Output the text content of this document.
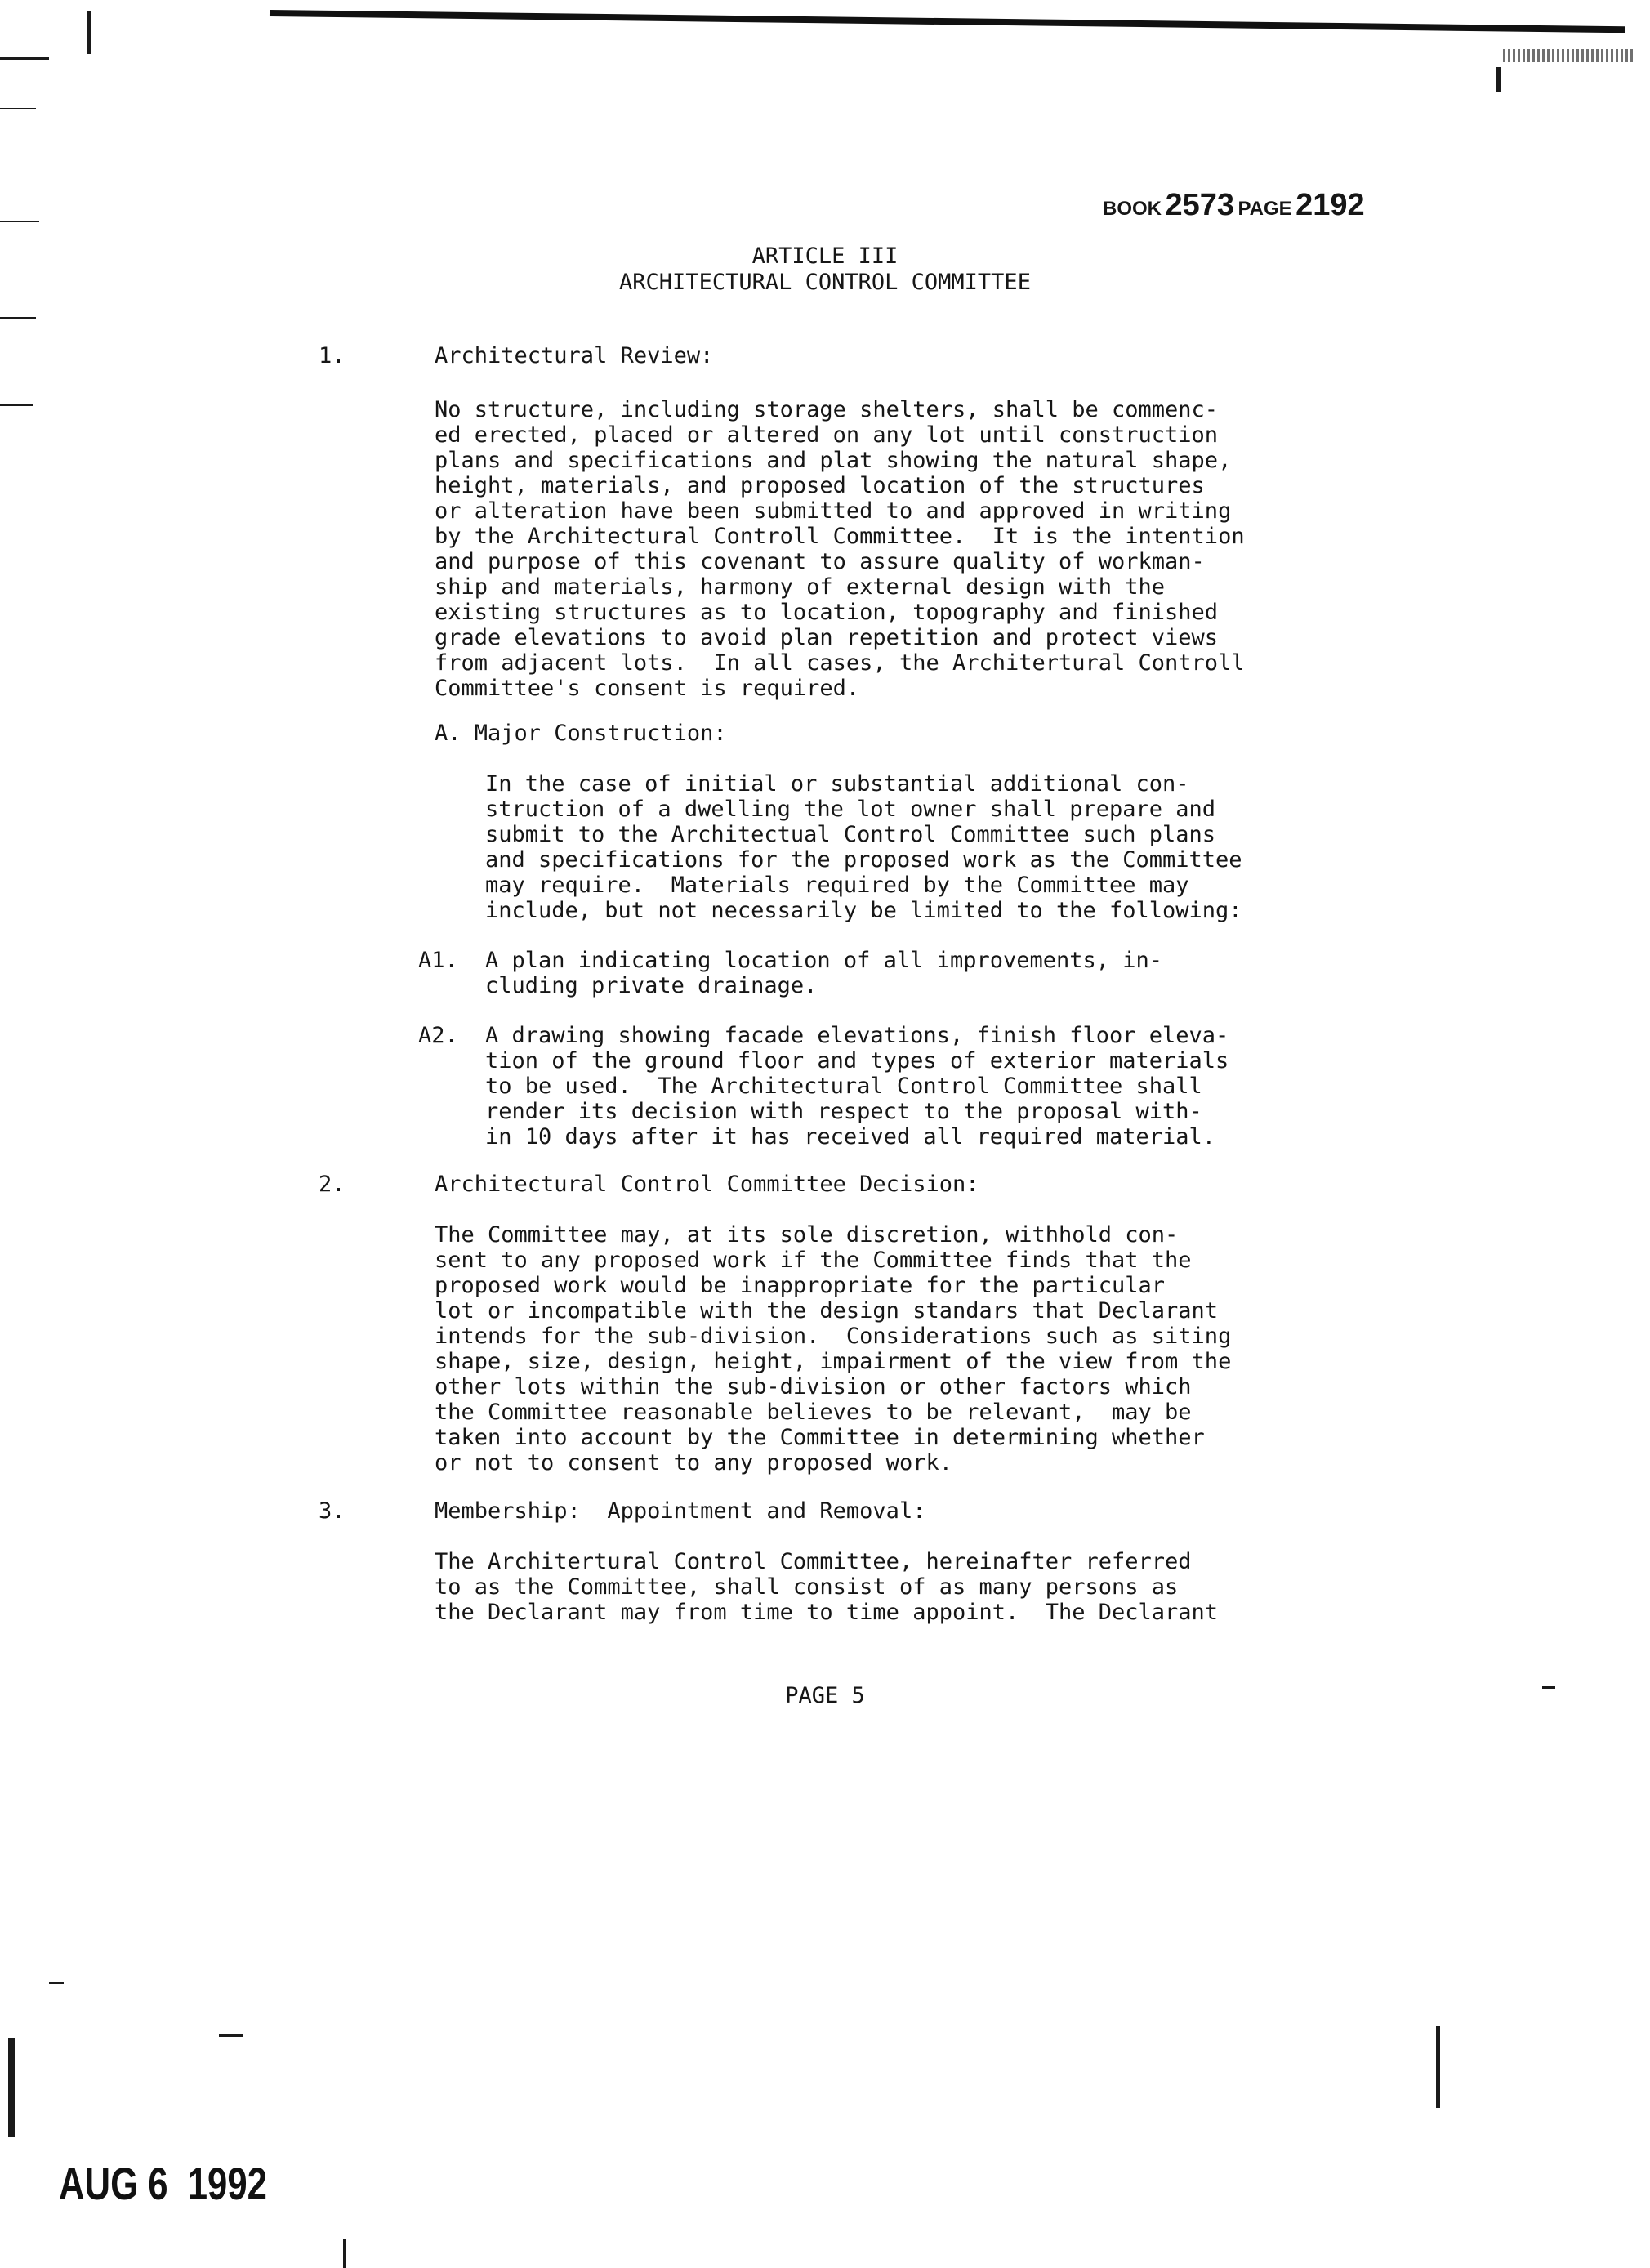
BOOK 2573 PAGE 2192
ARTICLE III
ARCHITECTURAL CONTROL COMMITTEE
1.	Architectural Review:
No structure, including storage shelters, shall be commenc-
ed erected, placed or altered on any lot until construction
plans and specifications and plat showing the natural shape,
height, materials, and proposed location of the structures
or alteration have been submitted to and approved in writing
by the Architectural Controll Committee.  It is the intention
and purpose of this covenant to assure quality of workman-
ship and materials, harmony of external design with the
existing structures as to location, topography and finished
grade elevations to avoid plan repetition and protect views
from adjacent lots.  In all cases, the Architertural Controll
Committee's consent is required.
A. Major Construction:
In the case of initial or substantial additional con-
struction of a dwelling the lot owner shall prepare and
submit to the Architectual Control Committee such plans
and specifications for the proposed work as the Committee
may require.  Materials required by the Committee may
include, but not necessarily be limited to the following:
A1. A plan indicating location of all improvements, in-
cluding private drainage.
A2. A drawing showing facade elevations, finish floor eleva-
tion of the ground floor and types of exterior materials
to be used.  The Architectural Control Committee shall
render its decision with respect to the proposal with-
in 10 days after it has received all required material.
2.	Architectural Control Committee Decision:
The Committee may, at its sole discretion, withhold con-
sent to any proposed work if the Committee finds that the
proposed work would be inappropriate for the particular
lot or incompatible with the design standars that Declarant
intends for the sub-division.  Considerations such as siting
shape, size, design, height, impairment of the view from the
other lots within the sub-division or other factors which
the Committee reasonable believes to be relevant,  may be
taken into account by the Committee in determining whether
or not to consent to any proposed work.
3.	Membership:  Appointment and Removal:
The Architertural Control Committee, hereinafter referred
to as the Committee, shall consist of as many persons as
the Declarant may from time to time appoint.  The Declarant
PAGE 5
AUG 6  1992
